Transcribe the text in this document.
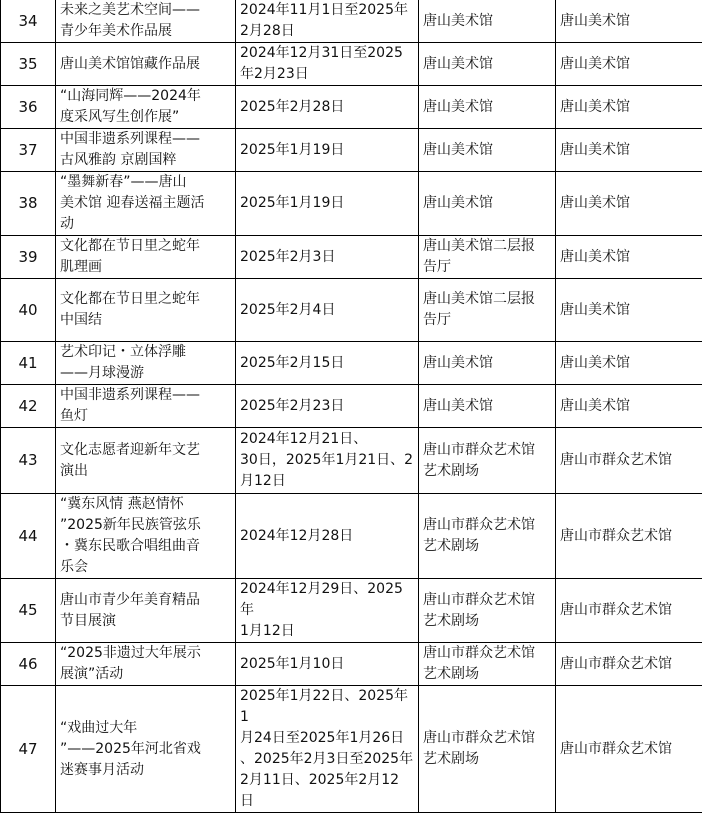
34	未来之美艺术空间——
青少年美术作品展	2024年11月1日至2025年
2月28日	唐山美术馆	唐山美术馆
35	唐山美术馆馆藏作品展	2024年12月31日至2025
年2月23日	唐山美术馆	唐山美术馆
36	“山海同辉——2024年
度采风写生创作展”	2025年2月28日	唐山美术馆	唐山美术馆
37	中国非遗系列课程——
古风雅韵 京剧国粹	2025年1月19日	唐山美术馆	唐山美术馆
38	“墨舞新春”——唐山
美术馆 迎春送福主题活
动	2025年1月19日	唐山美术馆	唐山美术馆
39	文化都在节日里之蛇年
肌理画	2025年2月3日	唐山美术馆二层报
告厅	唐山美术馆
40	文化都在节日里之蛇年
中国结	2025年2月4日	唐山美术馆二层报
告厅	唐山美术馆
41	艺术印记・立体浮雕
——月球漫游	2025年2月15日	唐山美术馆	唐山美术馆
42	中国非遗系列课程——
鱼灯	2025年2月23日	唐山美术馆	唐山美术馆
43	文化志愿者迎新年文艺
演出	2024年12月21日、
30日，2025年1月21日、2
月12日	唐山市群众艺术馆
艺术剧场	唐山市群众艺术馆
44	“冀东风情 燕赵情怀
”2025新年民族管弦乐
・冀东民歌合唱组曲音
乐会	2024年12月28日	唐山市群众艺术馆
艺术剧场	唐山市群众艺术馆
45	唐山市青少年美育精品
节目展演	2024年12月29日、2025年
1月12日	唐山市群众艺术馆
艺术剧场	唐山市群众艺术馆
46	“2025非遗过大年展示
展演”活动	2025年1月10日	唐山市群众艺术馆
艺术剧场	唐山市群众艺术馆
47	“戏曲过大年
”——2025年河北省戏
迷赛事月活动	2025年1月22日、2025年1
月24日至2025年1月26日
、2025年2月3日至2025年
2月11日、2025年2月12
日	唐山市群众艺术馆
艺术剧场	唐山市群众艺术馆
